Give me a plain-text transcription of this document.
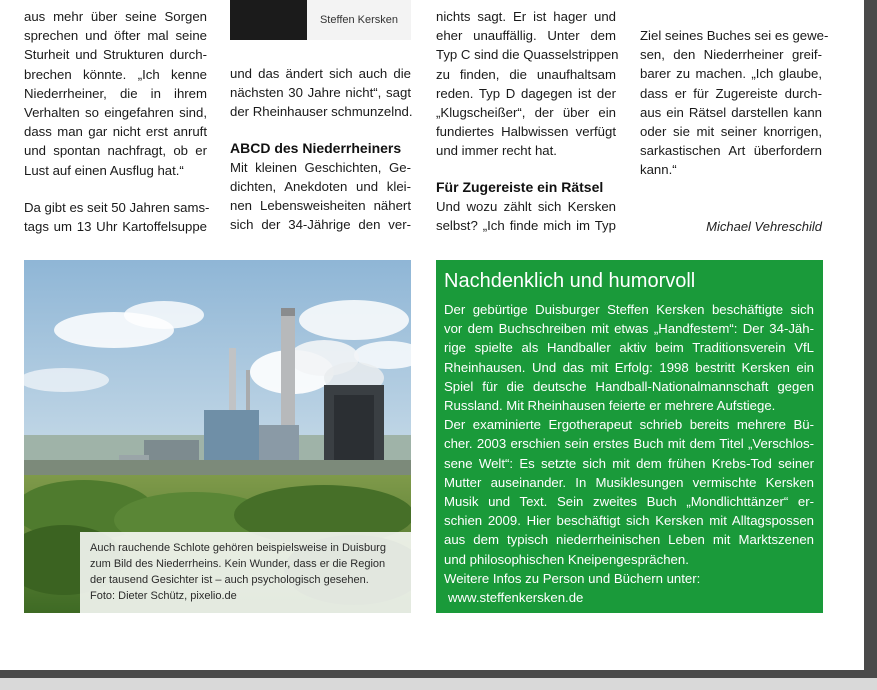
aus mehr über seine Sorgen
sprechen und öfter mal seine
Sturheit und Strukturen durch-
brechen könnte. „Ich kenne
Niederrheiner, die in ihrem
Verhalten so eingefahren sind,
dass man gar nicht erst anruft
und spontan nachfragt, ob er
Lust auf einen Ausflug hat.“
Da gibt es seit 50 Jahren sams-
tags um 13 Uhr Kartoffelsuppe
Steffen Kersken
und das ändert sich auch die
nächsten 30 Jahre nicht“, sagt
der Rheinhauser schmunzelnd.
ABCD des Niederrheiners
Mit kleinen Geschichten, Ge-
dichten, Anekdoten und klei-
nen Lebensweisheiten nähert
sich der 34-Jährige den ver-
nichts sagt. Er ist hager und
eher unauffällig. Unter dem
Typ C sind die Quasselstrippen
zu finden, die unaufhaltsam
reden. Typ D dagegen ist der
„Klugscheißer“, der über ein
fundiertes Halbwissen verfügt
und immer recht hat.
Für Zugereiste ein Rätsel
Und wozu zählt sich Kersken
selbst? „Ich finde mich im Typ
Ziel seines Buches sei es gewe-
sen, den Niederrheiner greif-
barer zu machen. „Ich glaube,
dass er für Zugereiste durch-
aus ein Rätsel darstellen kann
oder sie mit seiner knorrigen,
sarkastischen Art überfordern
kann.“
Michael Vehreschild
Auch rauchende Schlote gehören beispielsweise in Duisburg
zum Bild des Niederrheins. Kein Wunder, dass er die Region
der tausend Gesichter ist – auch psychologisch gesehen.
Foto: Dieter Schütz, pixelio.de
Nachdenklich und humorvoll
Der gebürtige Duisburger Steffen Kersken beschäftigte sich
vor dem Buchschreiben mit etwas „Handfestem“: Der 34-Jäh-
rige spielte als Handballer aktiv beim Traditionsverein VfL
Rheinhausen. Und das mit Erfolg: 1998 bestritt Kersken ein
Spiel für die deutsche Handball-Nationalmannschaft gegen
Russland. Mit Rheinhausen feierte er mehrere Aufstiege.
Der examinierte Ergotherapeut schrieb bereits mehrere Bü-
cher. 2003 erschien sein erstes Buch mit dem Titel „Verschlos-
sene Welt“: Es setzte sich mit dem frühen Krebs-Tod seiner
Mutter auseinander. In Musiklesungen vermischte Kersken
Musik und Text. Sein zweites Buch „Mondlichttänzer“ er-
schien 2009. Hier beschäftigt sich Kersken mit Alltagspossen
aus dem typisch niederrheinischen Leben mit Marktszenen
und philosophischen Kneipengesprächen.
Weitere Infos zu Person und Büchern unter:
www.steffenkersken.de
